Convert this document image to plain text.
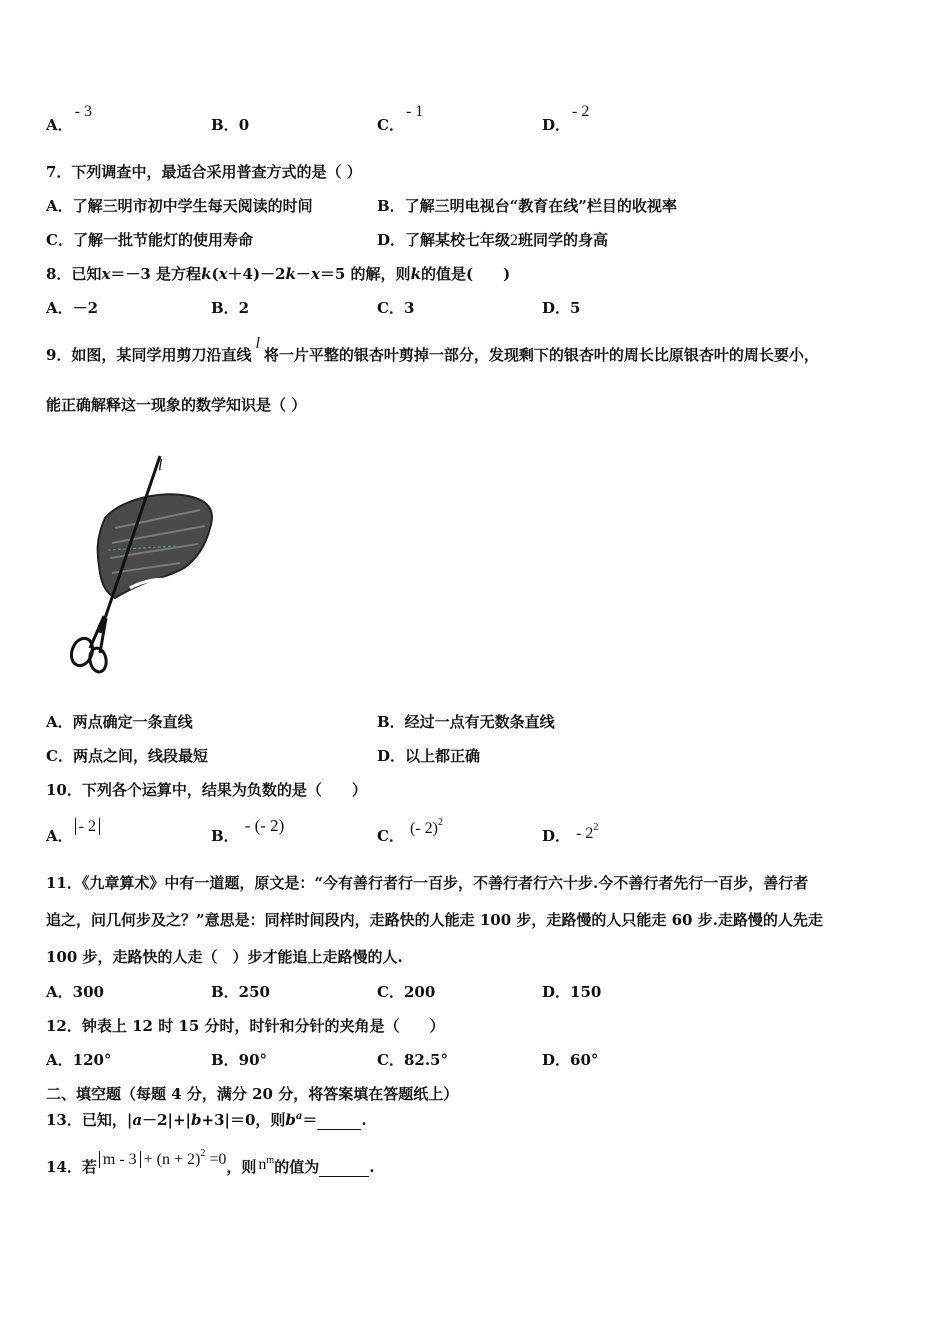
A．- 3
B．0	C．- 1
D．- 2
7．下列调查中，最适合采用普查方式的是（ ）
A．了解三明市初中学生每天阅读的时间	B．了解三明电视台“教育在线”栏目的收视率
C．了解一批节能灯的使用寿命	D．了解某校七年级2班同学的身高
8．已知x＝－3 是方程k(x＋4)－2k－x＝5 的解，则k的值是(　　)
A．－2	B．2	C．3	D．5
9．如图，某同学用剪刀沿直线l将一片平整的银杏叶剪掉一部分，发现剩下的银杏叶的周长比原银杏叶的周长要小，
能正确解释这一现象的数学知识是（ ）
l
A．两点确定一条直线	B．经过一点有无数条直线
C．两点之间，线段最短	D．以上都正确
10．下列各个运算中，结果为负数的是（　　）
A．- 2
B．- (- 2)
C． (- 2)$^2$
D． - $2^2$
11．《九章算术》中有一道题，原文是：“今有善行者行一百步，不善行者行六十步.今不善行者先行一百步，善行者
追之，问几何步及之？”意思是：同样时间段内，走路快的人能走 100 步，走路慢的人只能走 60 步.走路慢的人先走
100 步，走路快的人走（　）步才能追上走路慢的人.
A．300	B．250	C．200	D．150
12．钟表上 12 时 15 分时，时针和分针的夹角是（　　）
A．120°	B．90°	C．82.5°	D．60°
二、填空题（每题 4 分，满分 20 分，将答案填在答题纸上）
13．已知，|a－2|+|b+3|＝0，则$b^a=$	.
14．若 $m - 3 + (n + 2)^2 =0$，则 $n^m$的值为	.
